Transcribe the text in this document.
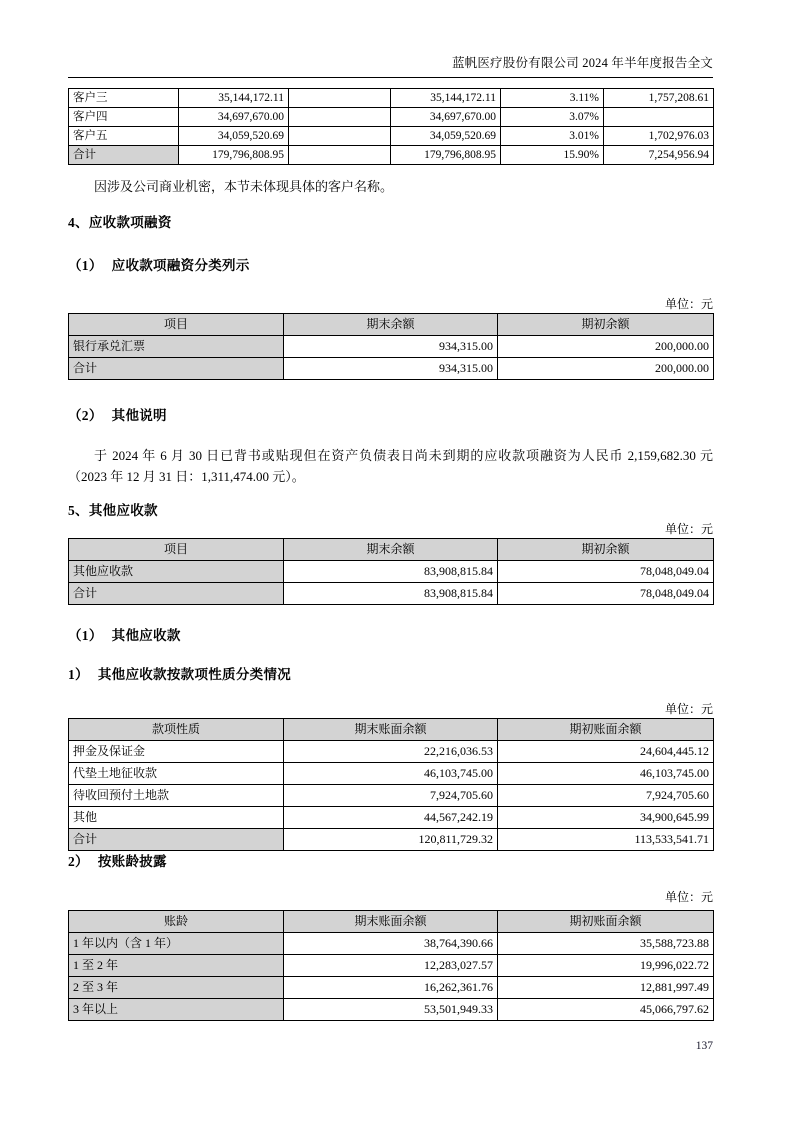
蓝帆医疗股份有限公司 2024 年半年度报告全文
客户三	35,144,172.11		35,144,172.11	3.11%	1,757,208.61
客户四	34,697,670.00		34,697,670.00	3.07%	
客户五	34,059,520.69		34,059,520.69	3.01%	1,702,976.03
合计	179,796,808.95		179,796,808.95	15.90%	7,254,956.94
因涉及公司商业机密，本节未体现具体的客户名称。
4、应收款项融资
（1） 应收款项融资分类列示
单位：元
项目	期末余额	期初余额
银行承兑汇票	934,315.00	200,000.00
合计	934,315.00	200,000.00
（2） 其他说明
于 2024 年 6 月 30 日已背书或贴现但在资产负债表日尚未到期的应收款项融资为人民币 2,159,682.30 元（2023 年 12 月 31 日：1,311,474.00 元）。
5、其他应收款
单位：元
项目	期末余额	期初余额
其他应收款	83,908,815.84	78,048,049.04
合计	83,908,815.84	78,048,049.04
（1） 其他应收款
1） 其他应收款按款项性质分类情况
单位：元
款项性质	期末账面余额	期初账面余额
押金及保证金	22,216,036.53	24,604,445.12
代垫土地征收款	46,103,745.00	46,103,745.00
待收回预付土地款	7,924,705.60	7,924,705.60
其他	44,567,242.19	34,900,645.99
合计	120,811,729.32	113,533,541.71
2） 按账龄披露
单位：元
账龄	期末账面余额	期初账面余额
1 年以内（含 1 年）	38,764,390.66	35,588,723.88
1 至 2 年	12,283,027.57	19,996,022.72
2 至 3 年	16,262,361.76	12,881,997.49
3 年以上	53,501,949.33	45,066,797.62
137
